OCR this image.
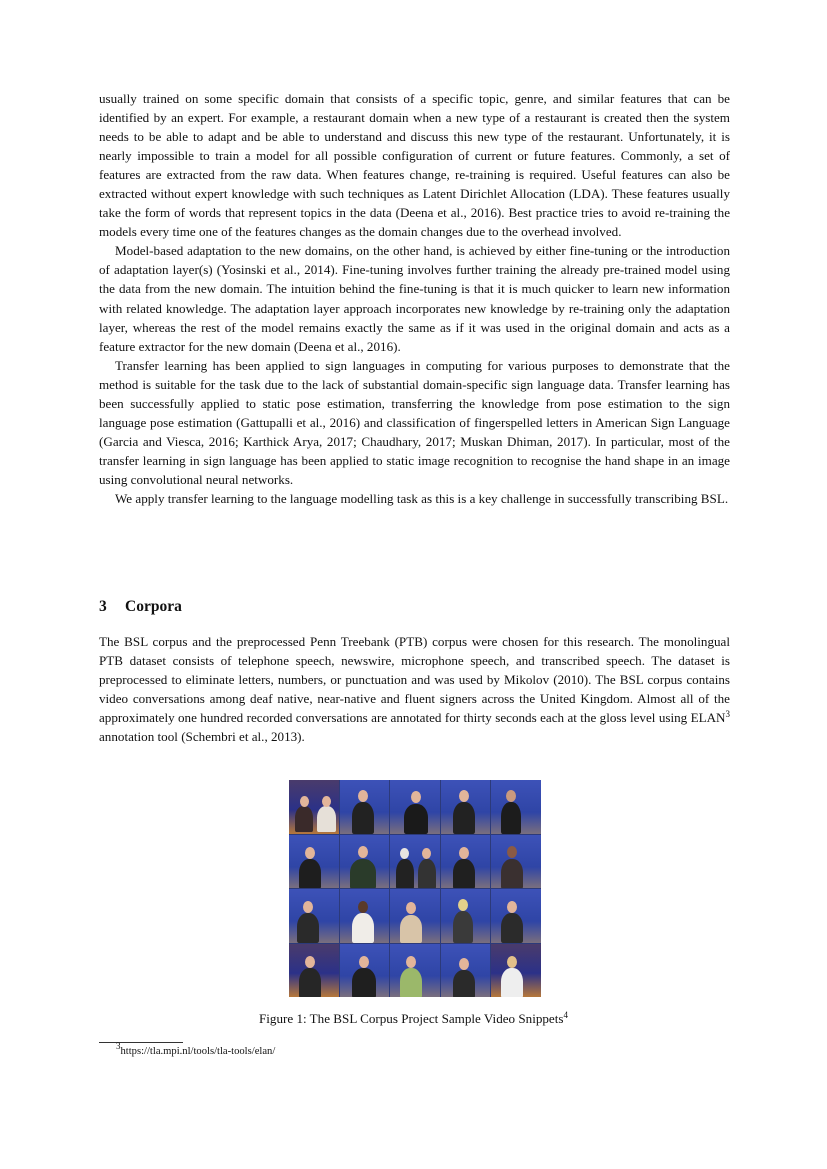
usually trained on some specific domain that consists of a specific topic, genre, and similar features that can be identified by an expert. For example, a restaurant domain when a new type of a restaurant is created then the system needs to be able to adapt and be able to understand and discuss this new type of the restaurant. Unfortunately, it is nearly impossible to train a model for all possible configuration of current or future features. Commonly, a set of features are extracted from the raw data. When features change, re-training is required. Useful features can also be extracted without expert knowledge with such techniques as Latent Dirichlet Allocation (LDA). These features usually take the form of words that represent topics in the data (Deena et al., 2016). Best practice tries to avoid re-training the models every time one of the features changes as the domain changes due to the overhead involved.

Model-based adaptation to the new domains, on the other hand, is achieved by either fine-tuning or the introduction of adaptation layer(s) (Yosinski et al., 2014). Fine-tuning involves further training the already pre-trained model using the data from the new domain. The intuition behind the fine-tuning is that it is much quicker to learn new information with related knowledge. The adaptation layer approach incorporates new knowledge by re-training only the adaptation layer, whereas the rest of the model remains exactly the same as if it was used in the original domain and acts as a feature extractor for the new domain (Deena et al., 2016).

Transfer learning has been applied to sign languages in computing for various purposes to demonstrate that the method is suitable for the task due to the lack of substantial domain-specific sign language data. Transfer learning has been successfully applied to static pose estimation, transferring the knowledge from pose estimation to the sign language pose estimation (Gattupalli et al., 2016) and classification of fingerspelled letters in American Sign Language (Garcia and Viesca, 2016; Karthick Arya, 2017; Chaudhary, 2017; Muskan Dhiman, 2017). In particular, most of the transfer learning in sign language has been applied to static image recognition to recognise the hand shape in an image using convolutional neural networks.

We apply transfer learning to the language modelling task as this is a key challenge in successfully transcribing BSL.

3 Corpora

The BSL corpus and the preprocessed Penn Treebank (PTB) corpus were chosen for this research. The monolingual PTB dataset consists of telephone speech, newswire, microphone speech, and transcribed speech. The dataset is preprocessed to eliminate letters, numbers, or punctuation and was used by Mikolov (2010). The BSL corpus contains video conversations among deaf native, near-native and fluent signers across the United Kingdom. Almost all of the approximately one hundred recorded conversations are annotated for thirty seconds each at the gloss level using ELAN$^3$ annotation tool (Schembri et al., 2013).

Figure 1: The BSL Corpus Project Sample Video Snippets$^4$
$^3$https://tla.mpi.nl/tools/tla-tools/elan/
